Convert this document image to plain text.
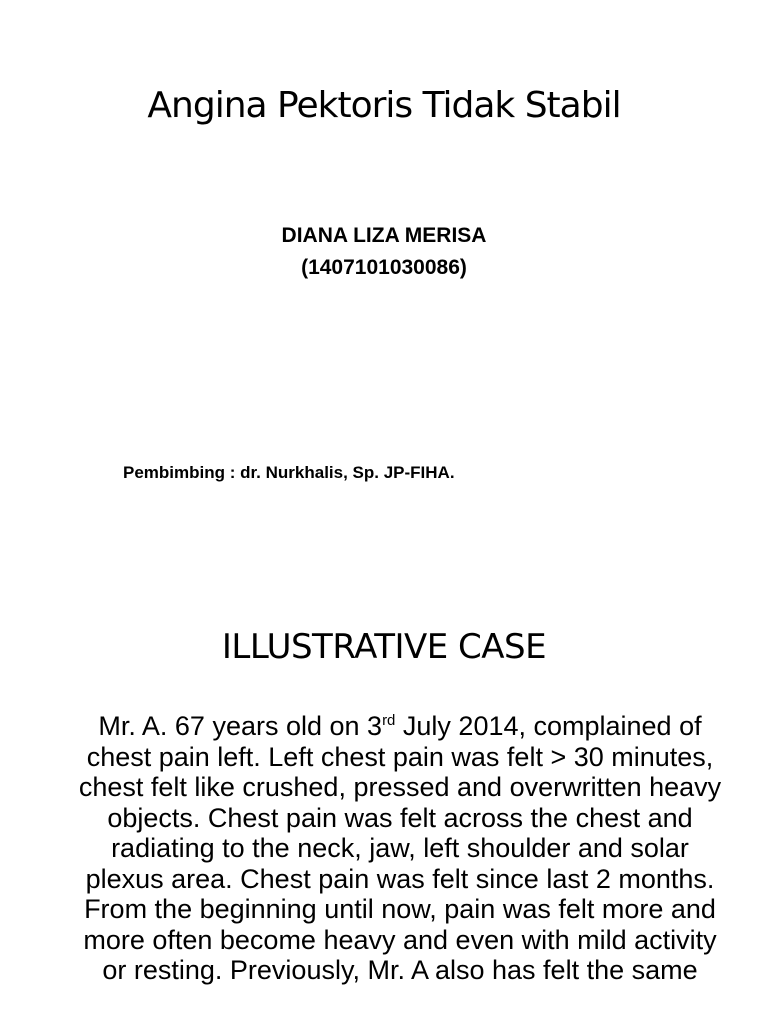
Angina Pektoris Tidak Stabil
DIANA LIZA MERISA
(1407101030086)
Pembimbing : dr. Nurkhalis, Sp. JP-FIHA.
ILLUSTRATIVE CASE

Mr. A. 67 years old on 3rd July 2014, complained of chest pain left. Left chest pain was felt > 30 minutes, chest felt like crushed, pressed and overwritten heavy objects. Chest pain was felt across the chest and radiating to the neck, jaw, left shoulder and solar plexus area. Chest pain was felt since last 2 months. From the beginning until now, pain was felt more and more often become heavy and even with mild activity or resting. Previously, Mr. A also has felt the same
